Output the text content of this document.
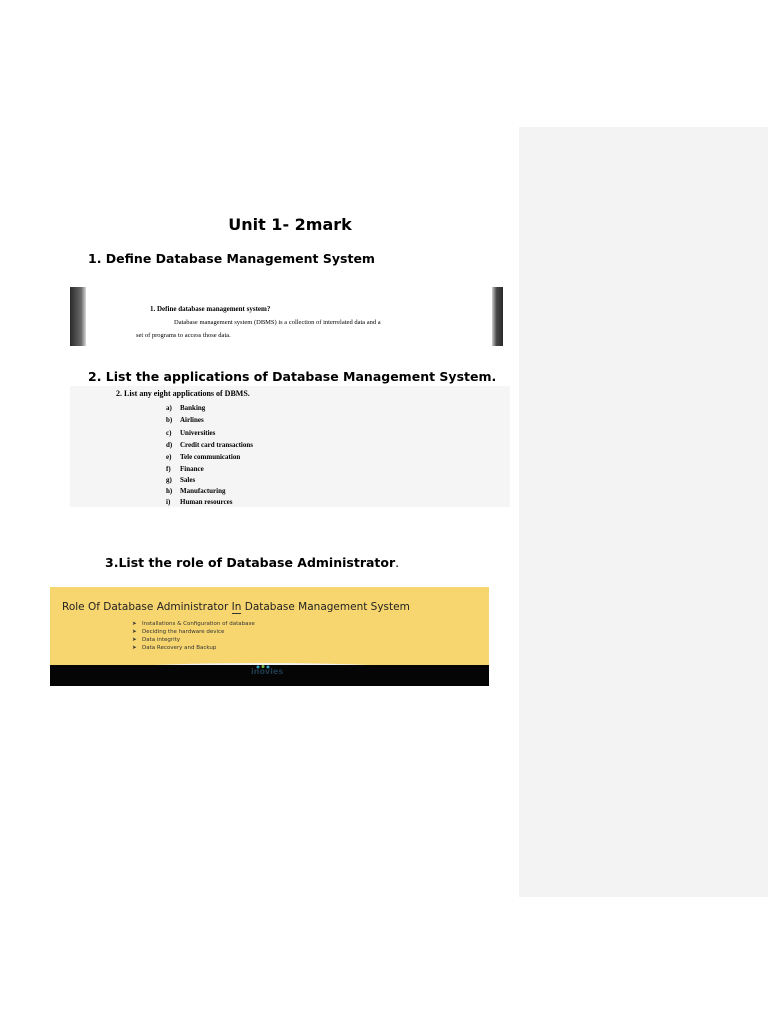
Unit 1- 2mark
1. Define Database Management System
1. Define database management system?
Database management system (DBMS) is a collection of interrelated data and a
set of programs to access those data.
2. List the applications of Database Management System.
2. List any eight applications of DBMS.
a) Banking
b) Airlines
c) Universities
d) Credit card transactions
e) Tele communication
f) Finance
g) Sales
h) Manufacturing
i) Human resources
3.List the role of Database Administrator.
Role Of Database Administrator In Database Management System
➤ Installations & Configuration of database
➤ Deciding the hardware device
➤ Data integrity
➤ Data Recovery and Backup
inovies
